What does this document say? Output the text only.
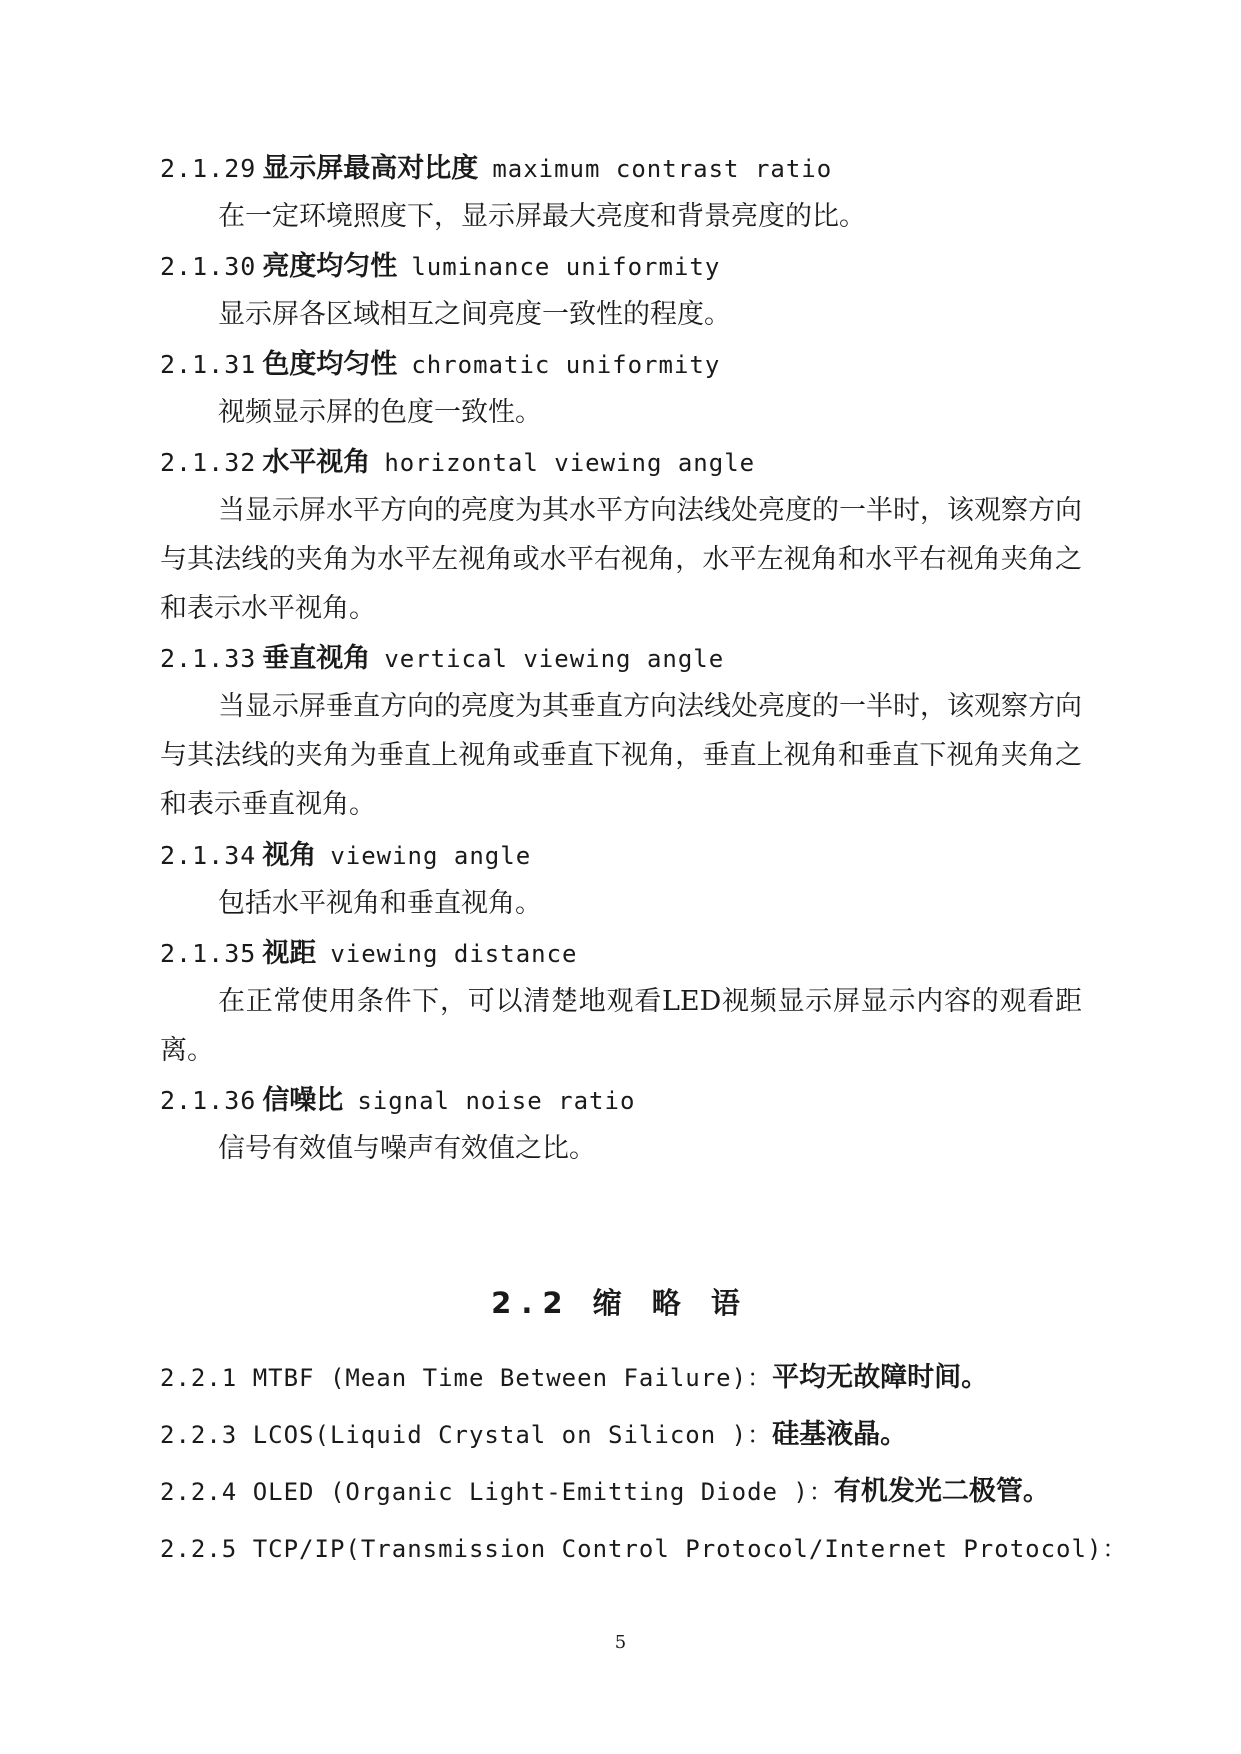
2.1.29 显示屏最高对比度 maximum contrast ratio
在一定环境照度下，显示屏最大亮度和背景亮度的比。
2.1.30 亮度均匀性 luminance uniformity
显示屏各区域相互之间亮度一致性的程度。
2.1.31 色度均匀性 chromatic uniformity
视频显示屏的色度一致性。
2.1.32 水平视角 horizontal viewing angle
当显示屏水平方向的亮度为其水平方向法线处亮度的一半时，该观察方向与其法线的夹角为水平左视角或水平右视角，水平左视角和水平右视角夹角之和表示水平视角。
2.1.33 垂直视角 vertical viewing angle
当显示屏垂直方向的亮度为其垂直方向法线处亮度的一半时，该观察方向与其法线的夹角为垂直上视角或垂直下视角，垂直上视角和垂直下视角夹角之和表示垂直视角。
2.1.34 视角 viewing angle
包括水平视角和垂直视角。
2.1.35 视距 viewing distance
在正常使用条件下，可以清楚地观看LED视频显示屏显示内容的观看距离。
2.1.36 信噪比 signal noise ratio
信号有效值与噪声有效值之比。
2.2 缩 略 语
2.2.1 MTBF (Mean Time Between Failure)：平均无故障时间。
2.2.3 LCOS(Liquid Crystal on Silicon )：硅基液晶。
2.2.4 OLED (Organic Light-Emitting Diode )：有机发光二极管。
2.2.5 TCP/IP(Transmission Control Protocol/Internet Protocol)：
5
